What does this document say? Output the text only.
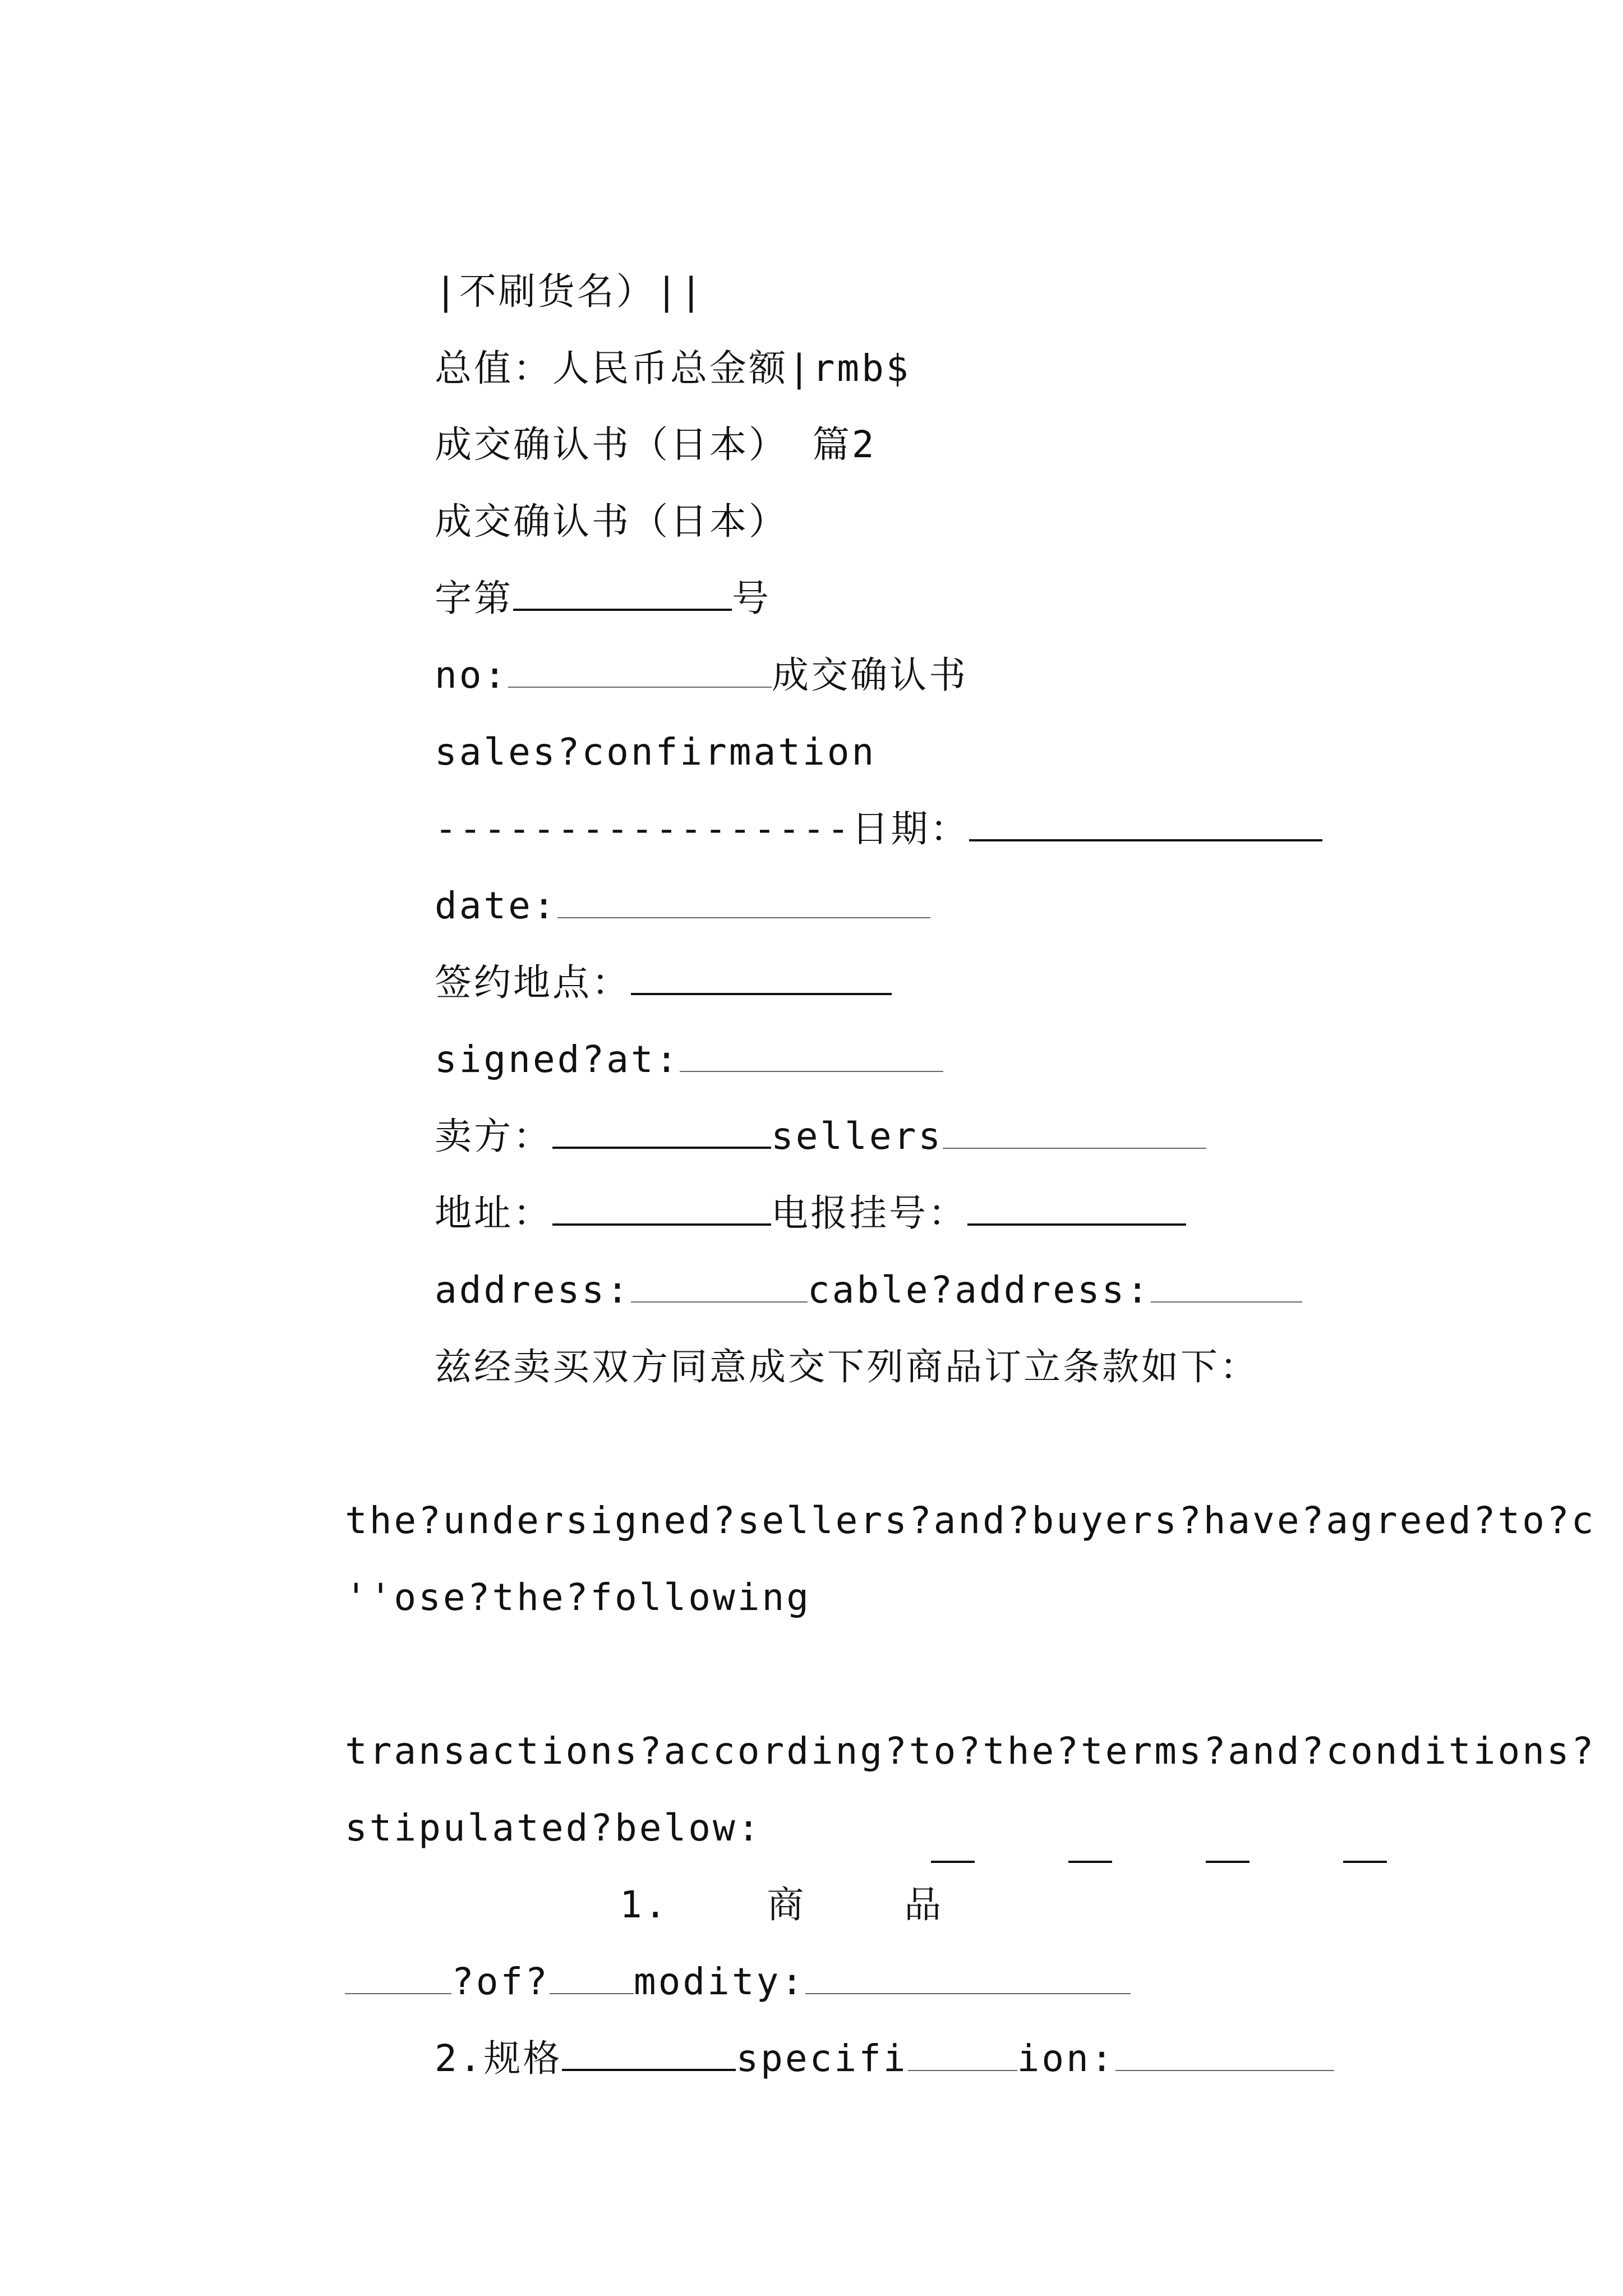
|不刷货名）||

总值：人民币总金额|rmb$

成交确认书（日本） 篇2

成交确认书（日本）

字第	号

no:	成交确认书

sales?confirmation

-----------------日期：

date:

签约地点：

signed?at:

卖方：	sellers

地址：	电报挂号：

address:	cable?address:

兹经卖买双方同意成交下列商品订立条款如下：

the?undersigned?sellers?and?buyers?have?agreed?to?c

''ose?the?following

transactions?according?to?the?terms?and?conditions?

stipulated?below:

1.    商    品

?of? modity:

2.规格	specifi	ion:
